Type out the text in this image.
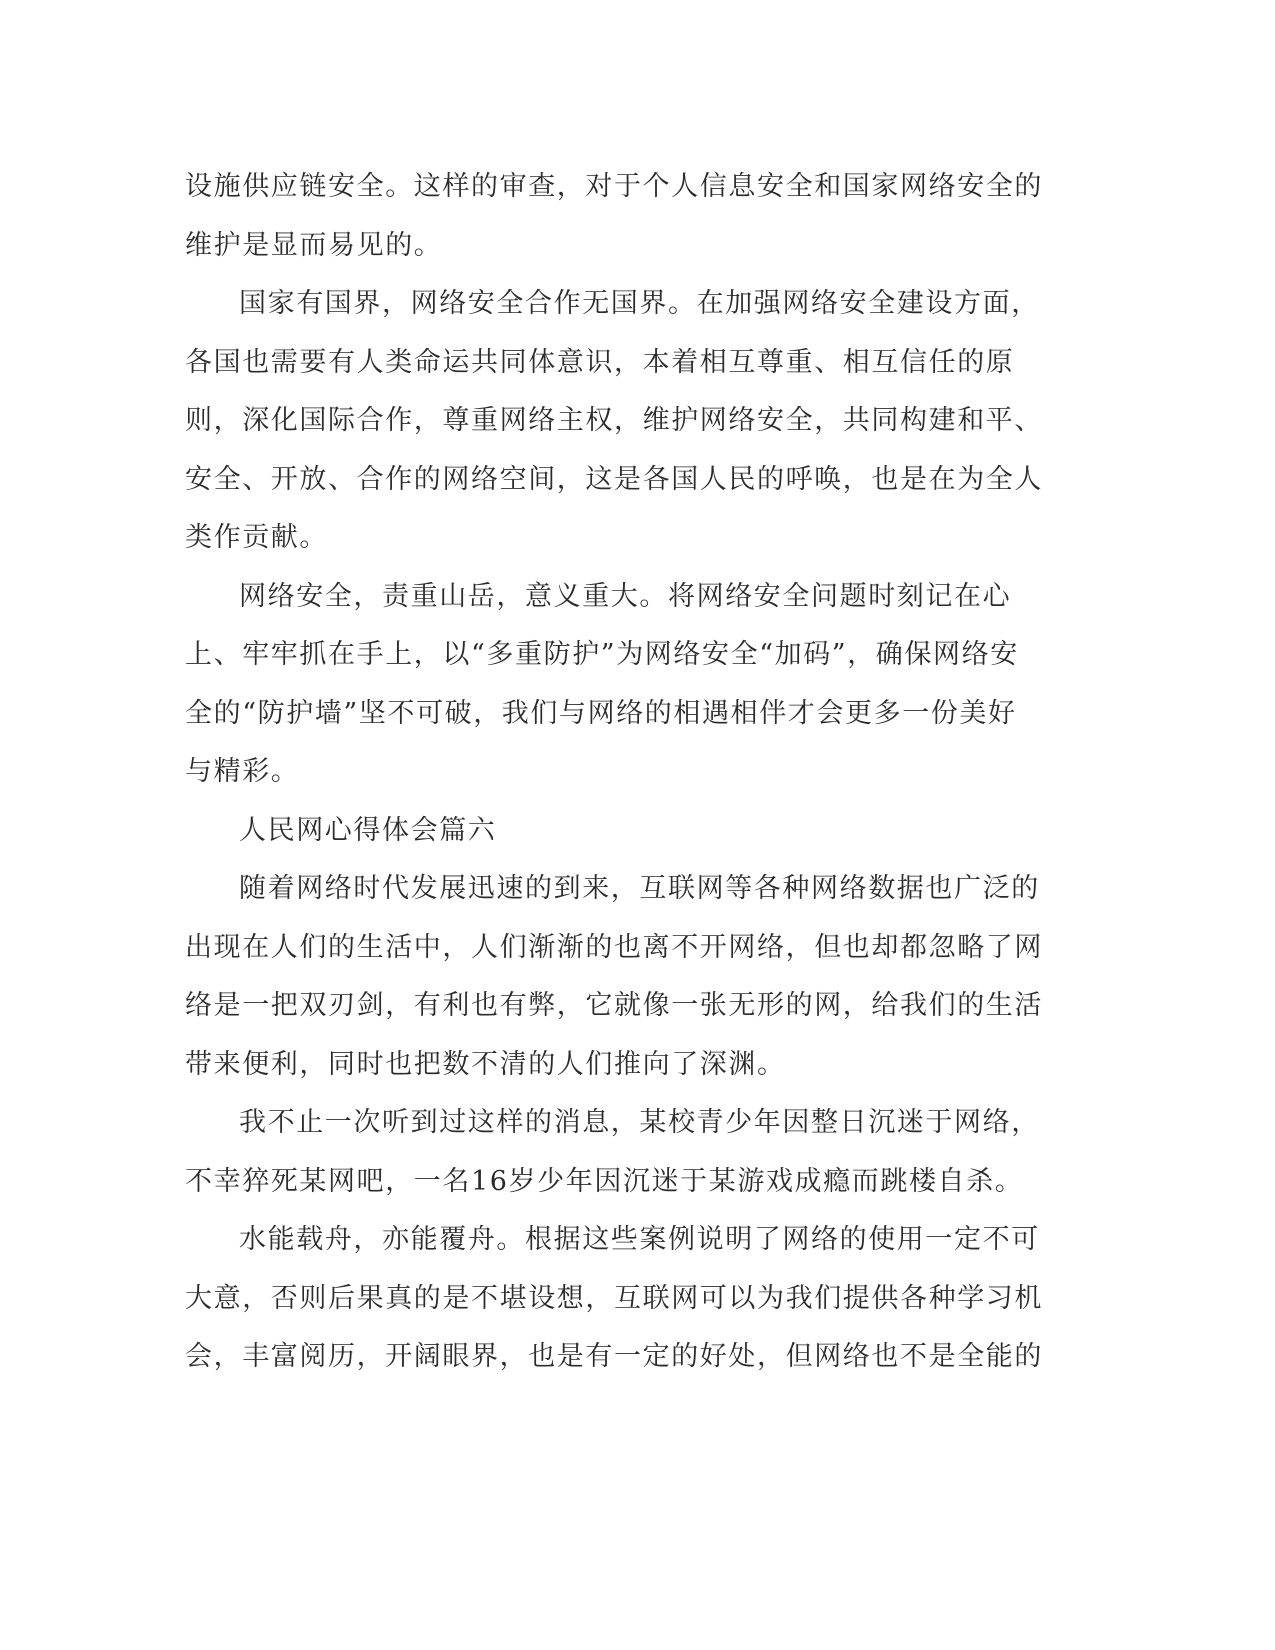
设施供应链安全。这样的审查，对于个人信息安全和国家网络安全的维护是显而易见的。

国家有国界，网络安全合作无国界。在加强网络安全建设方面，各国也需要有人类命运共同体意识，本着相互尊重、相互信任的原则，深化国际合作，尊重网络主权，维护网络安全，共同构建和平、安全、开放、合作的网络空间，这是各国人民的呼唤，也是在为全人类作贡献。

网络安全，责重山岳，意义重大。将网络安全问题时刻记在心上、牢牢抓在手上，以“多重防护”为网络安全“加码”，确保网络安全的“防护墙”坚不可破，我们与网络的相遇相伴才会更多一份美好与精彩。

人民网心得体会篇六

随着网络时代发展迅速的到来，互联网等各种网络数据也广泛的出现在人们的生活中，人们渐渐的也离不开网络，但也却都忽略了网络是一把双刃剑，有利也有弊，它就像一张无形的网，给我们的生活带来便利，同时也把数不清的人们推向了深渊。

我不止一次听到过这样的消息，某校青少年因整日沉迷于网络，不幸猝死某网吧，一名16岁少年因沉迷于某游戏成瘾而跳楼自杀。

水能载舟，亦能覆舟。根据这些案例说明了网络的使用一定不可大意，否则后果真的是不堪设想，互联网可以为我们提供各种学习机会，丰富阅历，开阔眼界，也是有一定的好处，但网络也不是全能的
